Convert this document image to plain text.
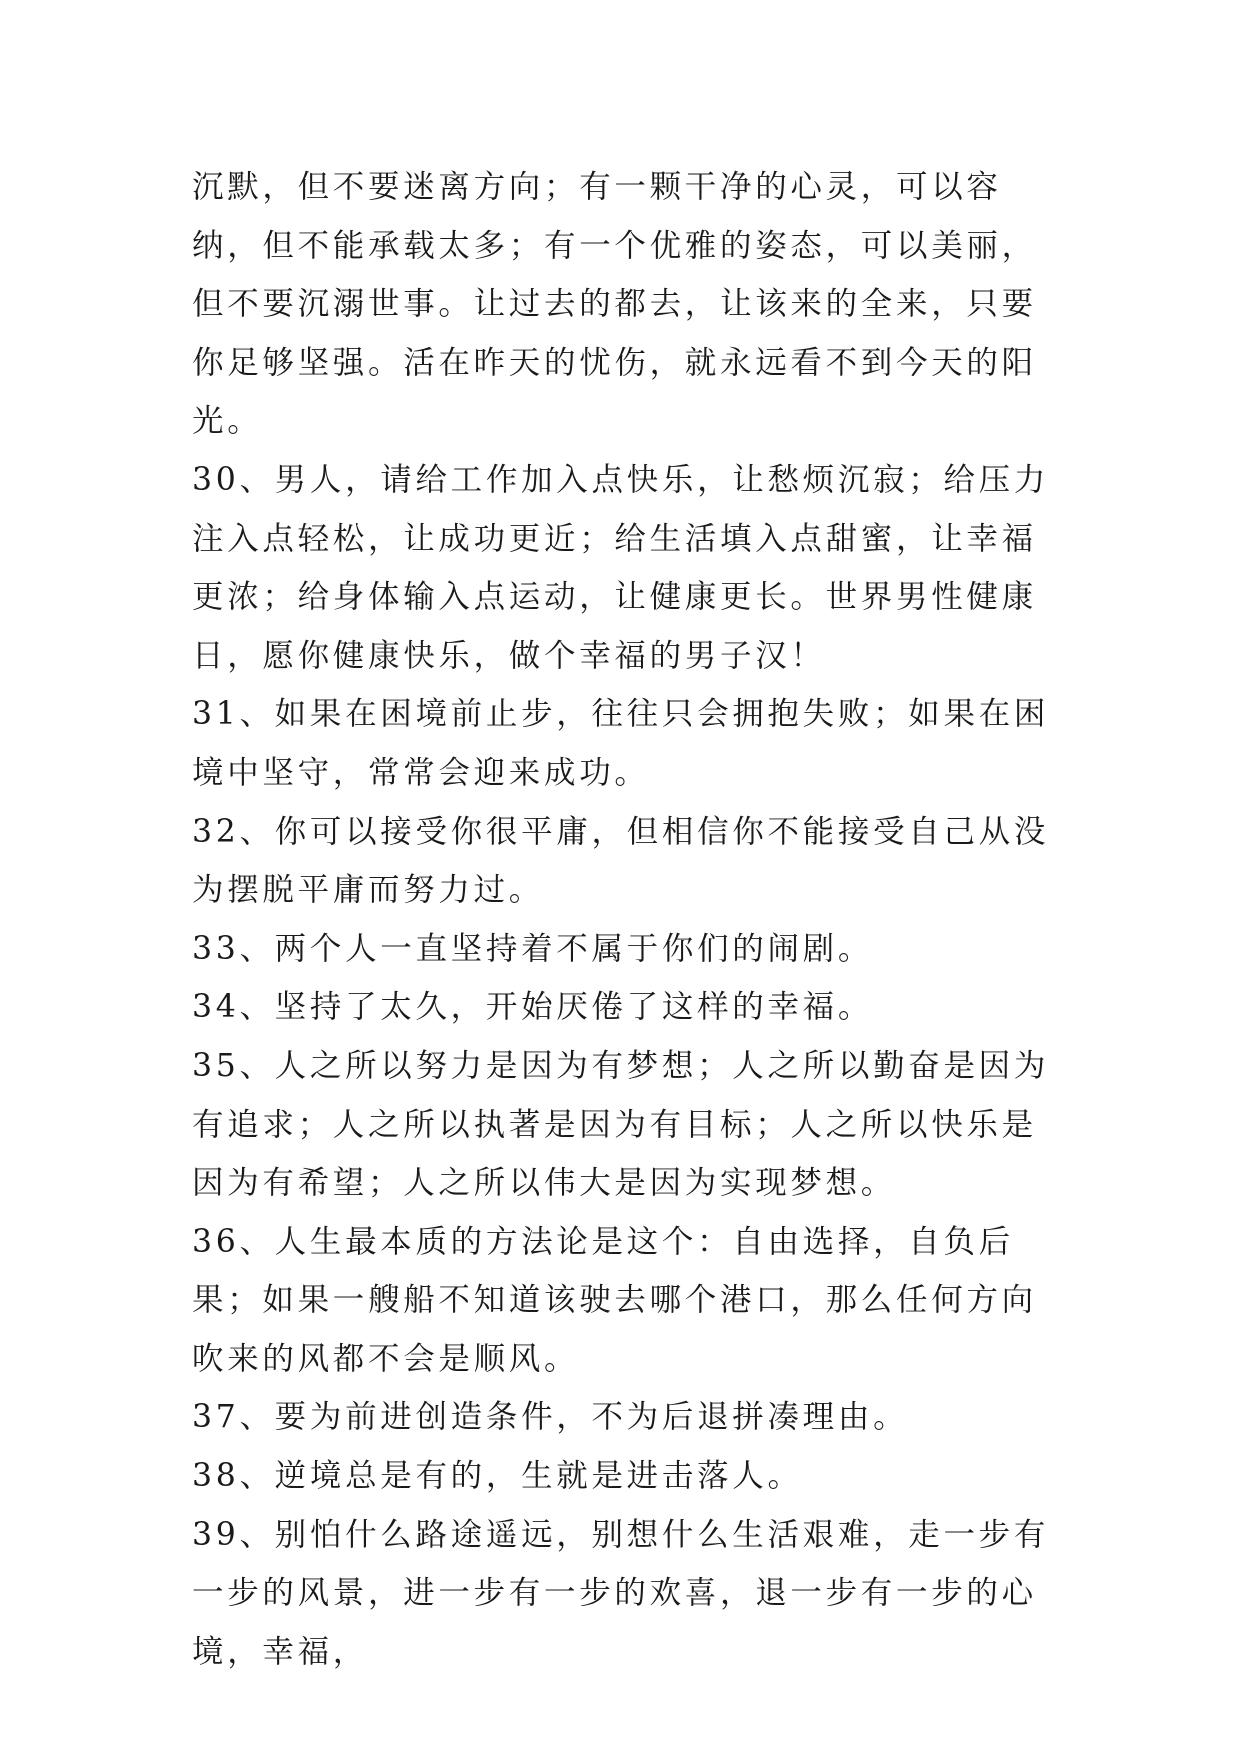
沉默，但不要迷离方向；有一颗干净的心灵，可以容纳，但不能承载太多；有一个优雅的姿态，可以美丽，但不要沉溺世事。让过去的都去，让该来的全来，只要你足够坚强。活在昨天的忧伤，就永远看不到今天的阳光。

30、男人，请给工作加入点快乐，让愁烦沉寂；给压力注入点轻松，让成功更近；给生活填入点甜蜜，让幸福更浓；给身体输入点运动，让健康更长。世界男性健康日，愿你健康快乐，做个幸福的男子汉！

31、如果在困境前止步，往往只会拥抱失败；如果在困境中坚守，常常会迎来成功。

32、你可以接受你很平庸，但相信你不能接受自己从没为摆脱平庸而努力过。

33、两个人一直坚持着不属于你们的闹剧。

34、坚持了太久，开始厌倦了这样的幸福。

35、人之所以努力是因为有梦想；人之所以勤奋是因为有追求；人之所以执著是因为有目标；人之所以快乐是因为有希望；人之所以伟大是因为实现梦想。

36、人生最本质的方法论是这个：自由选择，自负后果；如果一艘船不知道该驶去哪个港口，那么任何方向吹来的风都不会是顺风。

37、要为前进创造条件，不为后退拼凑理由。

38、逆境总是有的，生就是进击落人。

39、别怕什么路途遥远，别想什么生活艰难，走一步有一步的风景，进一步有一步的欢喜，退一步有一步的心境，幸福，
